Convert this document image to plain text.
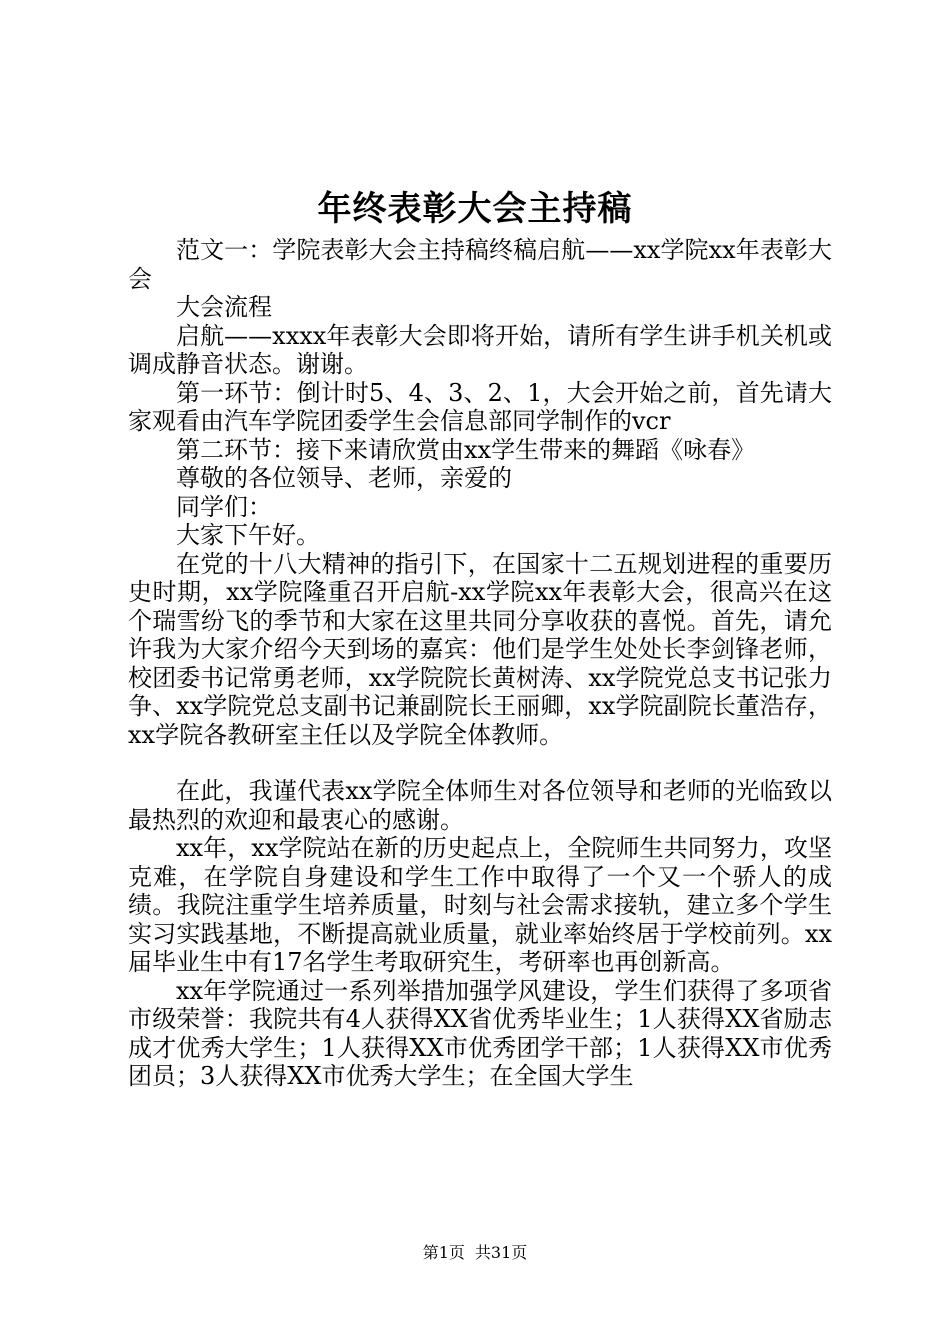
年终表彰大会主持稿

范文一：学院表彰大会主持稿终稿启航——xx学院xx年表彰大会

大会流程

启航——xxxx年表彰大会即将开始，请所有学生讲手机关机或调成静音状态。谢谢。

第一环节：倒计时5、4、3、2、1，大会开始之前，首先请大家观看由汽车学院团委学生会信息部同学制作的vcr

第二环节：接下来请欣赏由xx学生带来的舞蹈《咏春》

尊敬的各位领导、老师，亲爱的

同学们：

大家下午好。

在党的十八大精神的指引下，在国家十二五规划进程的重要历史时期，xx学院隆重召开启航-xx学院xx年表彰大会，很高兴在这个瑞雪纷飞的季节和大家在这里共同分享收获的喜悦。首先，请允许我为大家介绍今天到场的嘉宾：他们是学生处处长李剑锋老师，校团委书记常勇老师，xx学院院长黄树涛、xx学院党总支书记张力争、xx学院党总支副书记兼副院长王丽卿，xx学院副院长董浩存，xx学院各教研室主任以及学院全体教师。

在此，我谨代表xx学院全体师生对各位领导和老师的光临致以最热烈的欢迎和最衷心的感谢。

xx年，xx学院站在新的历史起点上，全院师生共同努力，攻坚克难，在学院自身建设和学生工作中取得了一个又一个骄人的成绩。我院注重学生培养质量，时刻与社会需求接轨，建立多个学生实习实践基地，不断提高就业质量，就业率始终居于学校前列。xx届毕业生中有17名学生考取研究生，考研率也再创新高。

xx年学院通过一系列举措加强学风建设，学生们获得了多项省市级荣誉：我院共有4人获得XX省优秀毕业生；1人获得XX省励志成才优秀大学生；1人获得XX市优秀团学干部；1人获得XX市优秀团员；3人获得XX市优秀大学生；在全国大学生

第1页 共31页
